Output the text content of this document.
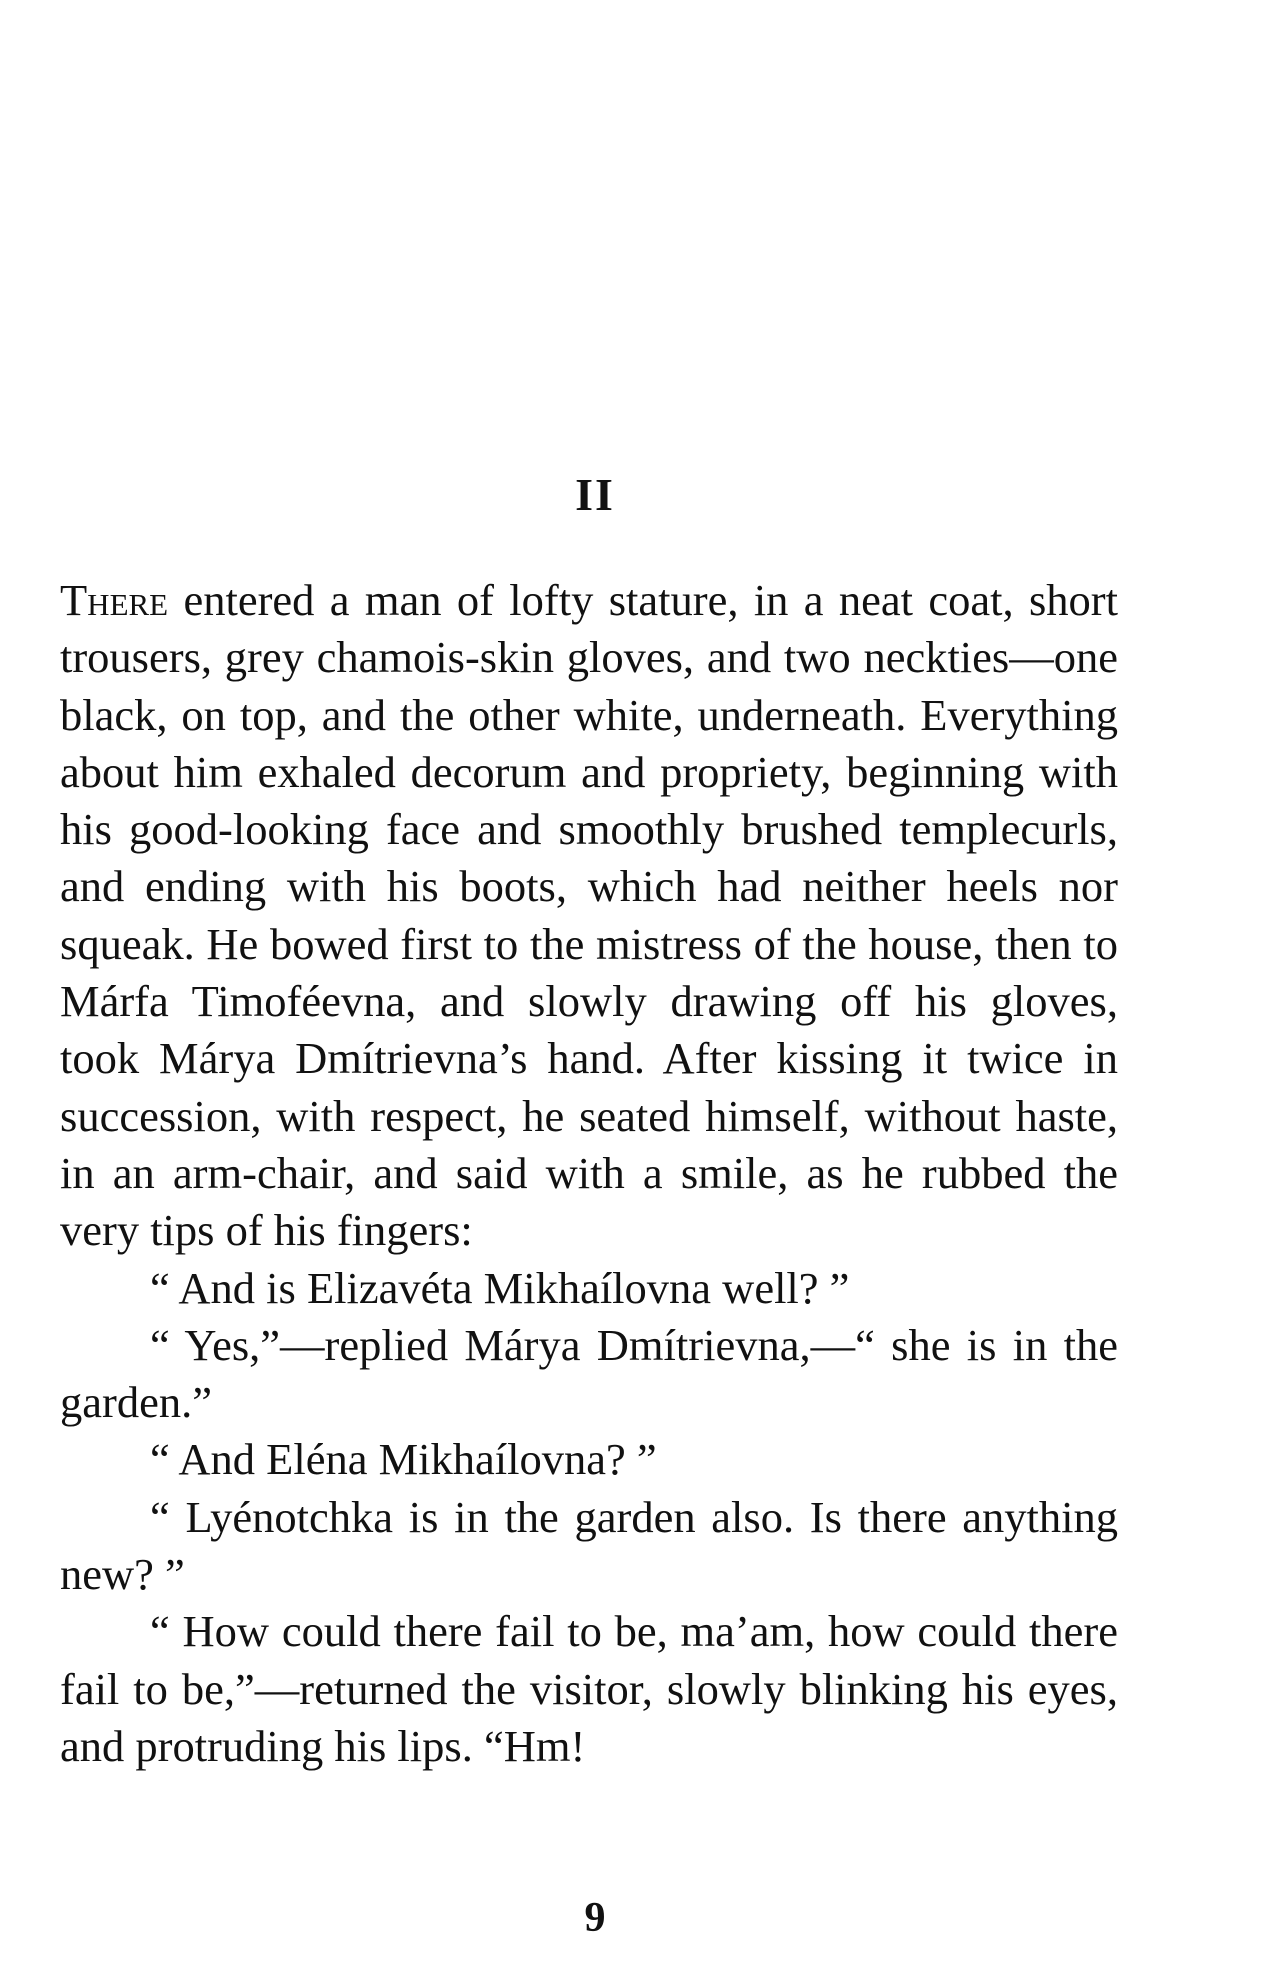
II

There entered a man of lofty stature, in a neat coat, short trousers, grey chamois-skin gloves, and two neckties—one black, on top, and the other white, underneath. Everything about him exhaled decorum and propriety, beginning with his good-looking face and smoothly brushed templecurls, and ending with his boots, which had neither heels nor squeak. He bowed first to the mistress of the house, then to Márfa Timoféevna, and slowly drawing off his gloves, took Márya Dmítrievna’s hand. After kissing it twice in succession, with respect, he seated himself, without haste, in an arm-chair, and said with a smile, as he rubbed the very tips of his fingers:

“ And is Elizavéta Mikhaílovna well? ”

“ Yes,”—replied Márya Dmítrievna,—“ she is in the garden.”

“ And Eléna Mikhaílovna? ”

“ Lyénotchka is in the garden also. Is there anything new? ”

“ How could there fail to be, ma’am, how could there fail to be,”—returned the visitor, slowly blinking his eyes, and protruding his lips. “Hm!

9
